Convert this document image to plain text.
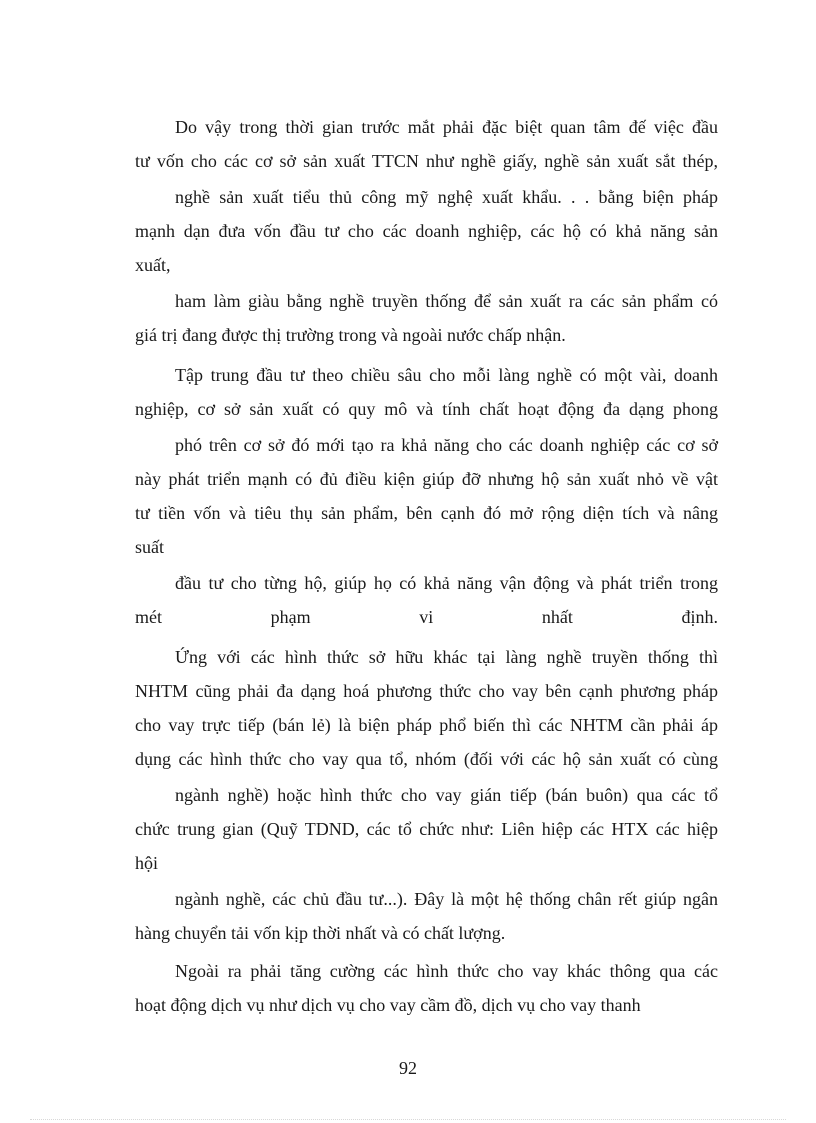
Do vậy trong thời gian trước mắt phải đặc biệt quan tâm đế việc đầu
tư vốn cho các cơ sở sản xuất TTCN như nghề giấy, nghề sản xuất sắt thép,
nghề sản xuất tiểu thủ công mỹ nghệ xuất khẩu. . . bằng biện pháp
mạnh dạn đưa vốn đầu tư cho các doanh nghiệp, các hộ có khả năng sản
xuất,
ham làm giàu bằng nghề truyền thống để sản xuất ra các sản phẩm có
giá trị đang được thị trường trong và ngoài nước chấp nhận.
Tập trung đầu tư theo chiều sâu cho mỗi làng nghề có một vài, doanh
nghiệp, cơ sở sản xuất có quy mô và tính chất hoạt động đa dạng phong
phó trên cơ sở đó mới tạo ra khả năng cho các doanh nghiệp các cơ sở
này phát triển mạnh có đủ điều kiện giúp đỡ nhưng hộ sản xuất nhỏ về vật
tư tiền vốn và tiêu thụ sản phẩm, bên cạnh đó mở rộng diện tích và nâng
suất
đầu tư cho từng hộ, giúp họ có khả năng vận động và phát triển trong
mét phạm vi nhất định.
Ứng với các hình thức sở hữu khác tại làng nghề truyền thống thì
NHTM cũng phải đa dạng hoá phương thức cho vay bên cạnh phương pháp
cho vay trực tiếp (bán lẻ) là biện pháp phổ biến thì các NHTM cần phải áp
dụng các hình thức cho vay qua tổ, nhóm (đối với các hộ sản xuất có cùng
ngành nghề) hoặc hình thức cho vay gián tiếp (bán buôn) qua các tổ
chức trung gian (Quỹ TDND, các tổ chức như: Liên hiệp các HTX các hiệp
hội
ngành nghề, các chủ đầu tư...). Đây là một hệ thống chân rết giúp ngân
hàng chuyển tải vốn kịp thời nhất và có chất lượng.
Ngoài ra phải tăng cường các hình thức cho vay khác thông qua các
hoạt động dịch vụ như dịch vụ cho vay cầm đồ, dịch vụ cho vay thanh
92
